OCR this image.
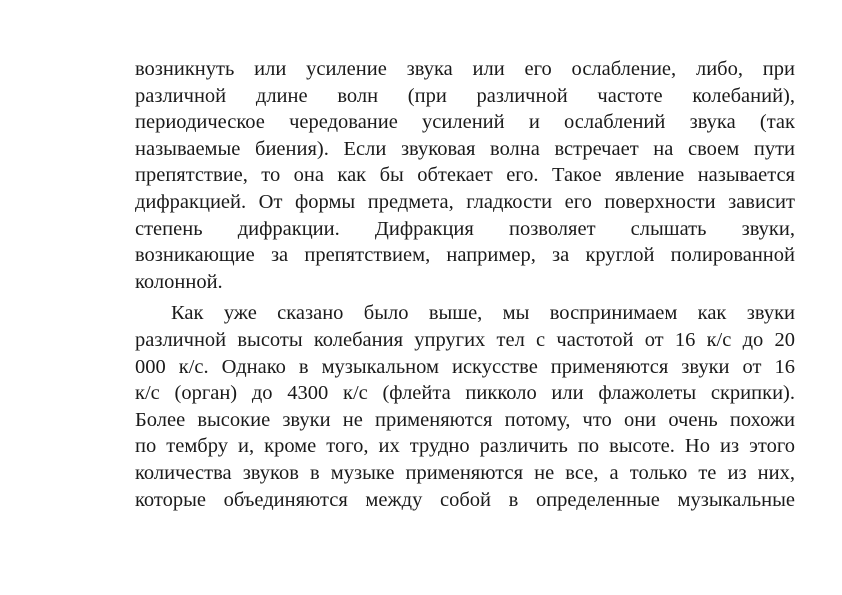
возникнуть или усиление звука или его ослабление, либо, при
различной длине волн (при различной частоте колебаний),
периодическое чередование усилений и ослаблений звука (так
называемые биения). Если звуковая волна встречает на своем пути
препятствие, то она как бы обтекает его. Такое явление называется
дифракцией. От формы предмета, гладкости его поверхности зависит
степень дифракции. Дифракция позволяет слышать звуки,
возникающие за препятствием, например, за круглой полированной
колонной.
Как уже сказано было выше, мы воспринимаем как звуки
различной высоты колебания упругих тел с частотой от 16 к/с до 20
000 к/с. Однако в музыкальном искусстве применяются звуки от 16
к/с (орган) до 4300 к/с (флейта пикколо или флажолеты скрипки).
Более высокие звуки не применяются потому, что они очень похожи
по тембру и, кроме того, их трудно различить по высоте. Но из этого
количества звуков в музыке применяются не все, а только те из них,
которые объединяются между собой в определенные музыкальные
